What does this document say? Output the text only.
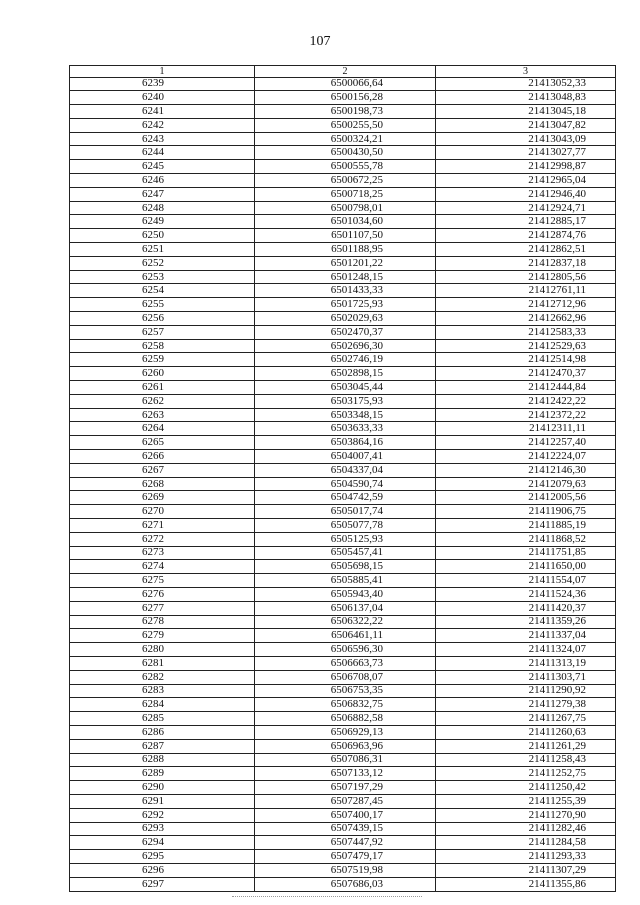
107
1	2	3
6239	6500066,64	21413052,33
6240	6500156,28	21413048,83
6241	6500198,73	21413045,18
6242	6500255,50	21413047,82
6243	6500324,21	21413043,09
6244	6500430,50	21413027,77
6245	6500555,78	21412998,87
6246	6500672,25	21412965,04
6247	6500718,25	21412946,40
6248	6500798,01	21412924,71
6249	6501034,60	21412885,17
6250	6501107,50	21412874,76
6251	6501188,95	21412862,51
6252	6501201,22	21412837,18
6253	6501248,15	21412805,56
6254	6501433,33	21412761,11
6255	6501725,93	21412712,96
6256	6502029,63	21412662,96
6257	6502470,37	21412583,33
6258	6502696,30	21412529,63
6259	6502746,19	21412514,98
6260	6502898,15	21412470,37
6261	6503045,44	21412444,84
6262	6503175,93	21412422,22
6263	6503348,15	21412372,22
6264	6503633,33	21412311,11
6265	6503864,16	21412257,40
6266	6504007,41	21412224,07
6267	6504337,04	21412146,30
6268	6504590,74	21412079,63
6269	6504742,59	21412005,56
6270	6505017,74	21411906,75
6271	6505077,78	21411885,19
6272	6505125,93	21411868,52
6273	6505457,41	21411751,85
6274	6505698,15	21411650,00
6275	6505885,41	21411554,07
6276	6505943,40	21411524,36
6277	6506137,04	21411420,37
6278	6506322,22	21411359,26
6279	6506461,11	21411337,04
6280	6506596,30	21411324,07
6281	6506663,73	21411313,19
6282	6506708,07	21411303,71
6283	6506753,35	21411290,92
6284	6506832,75	21411279,38
6285	6506882,58	21411267,75
6286	6506929,13	21411260,63
6287	6506963,96	21411261,29
6288	6507086,31	21411258,43
6289	6507133,12	21411252,75
6290	6507197,29	21411250,42
6291	6507287,45	21411255,39
6292	6507400,17	21411270,90
6293	6507439,15	21411282,46
6294	6507447,92	21411284,58
6295	6507479,17	21411293,33
6296	6507519,98	21411307,29
6297	6507686,03	21411355,86
